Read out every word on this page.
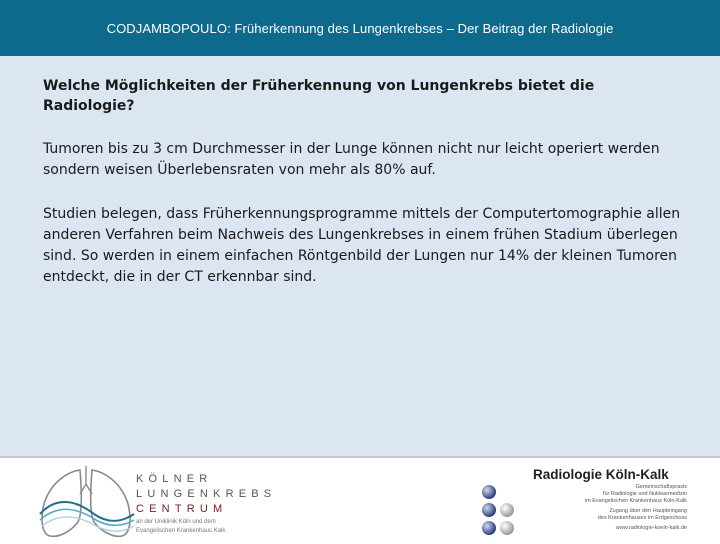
CODJAMBOPOULO: Früherkennung des Lungenkrebses – Der Beitrag der Radiologie
Welche Möglichkeiten der Früherkennung von Lungenkrebs bietet die Radiologie?
Tumoren bis zu 3 cm Durchmesser in der Lunge können nicht nur leicht operiert werden sondern weisen Überlebensraten von mehr als 80% auf.
Studien belegen, dass Früherkennungsprogramme mittels der Computertomographie allen anderen Verfahren beim Nachweis des Lungenkrebses in einem frühen Stadium überlegen sind. So werden in einem einfachen Röntgenbild der Lungen nur 14% der kleinen Tumoren entdeckt, die in der CT erkennbar sind.
KÖLNER
LUNGENKREBS
CENTRUM
an der Uniklinik Köln und dem
Evangelischen Krankenhaus Kalk
Radiologie Köln-Kalk
Gemeinschaftspraxis
für Radiologie und Nuklearmedizin
im Evangelischen Krankenhaus Köln-Kalk
Zugang über den Haupteingang
des Krankenhauses im Erdgeschoss
www.radiologie-koeln-kalk.de
